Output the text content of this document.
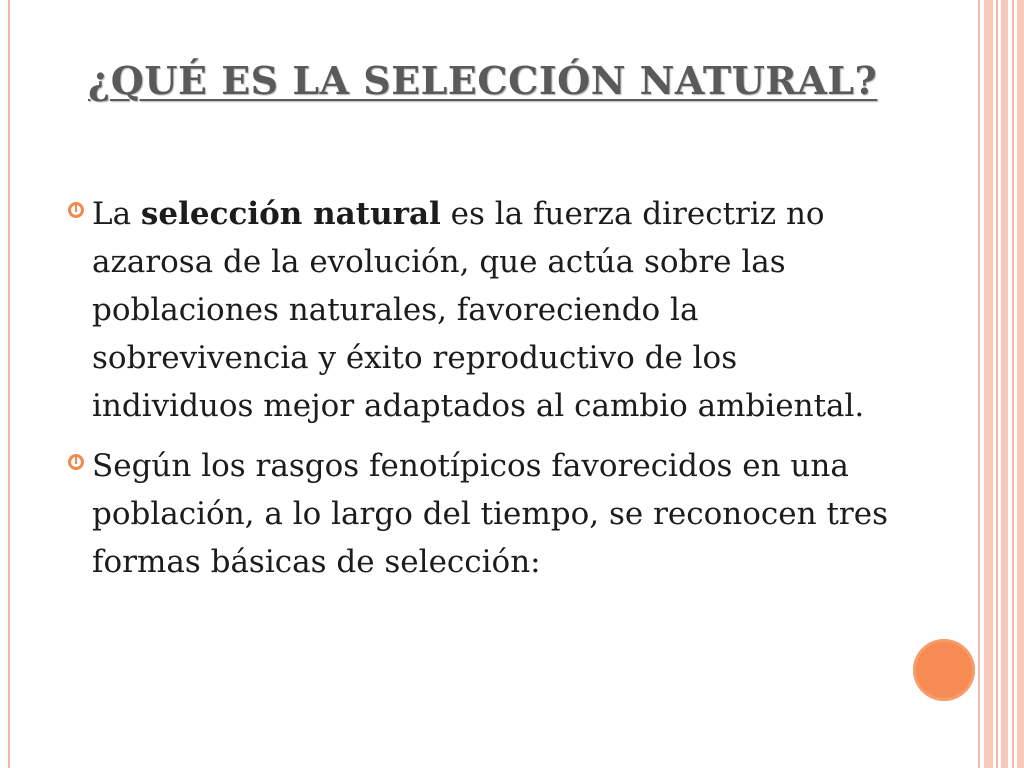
¿QUÉ ES LA SELECCIÓN NATURAL?
La selección natural es la fuerza directriz no azarosa de la evolución, que actúa sobre las poblaciones naturales, favoreciendo la sobrevivencia y éxito reproductivo de los individuos mejor adaptados al cambio ambiental.
Según los rasgos fenotípicos favorecidos en una población, a lo largo del tiempo, se reconocen tres formas básicas de selección:
